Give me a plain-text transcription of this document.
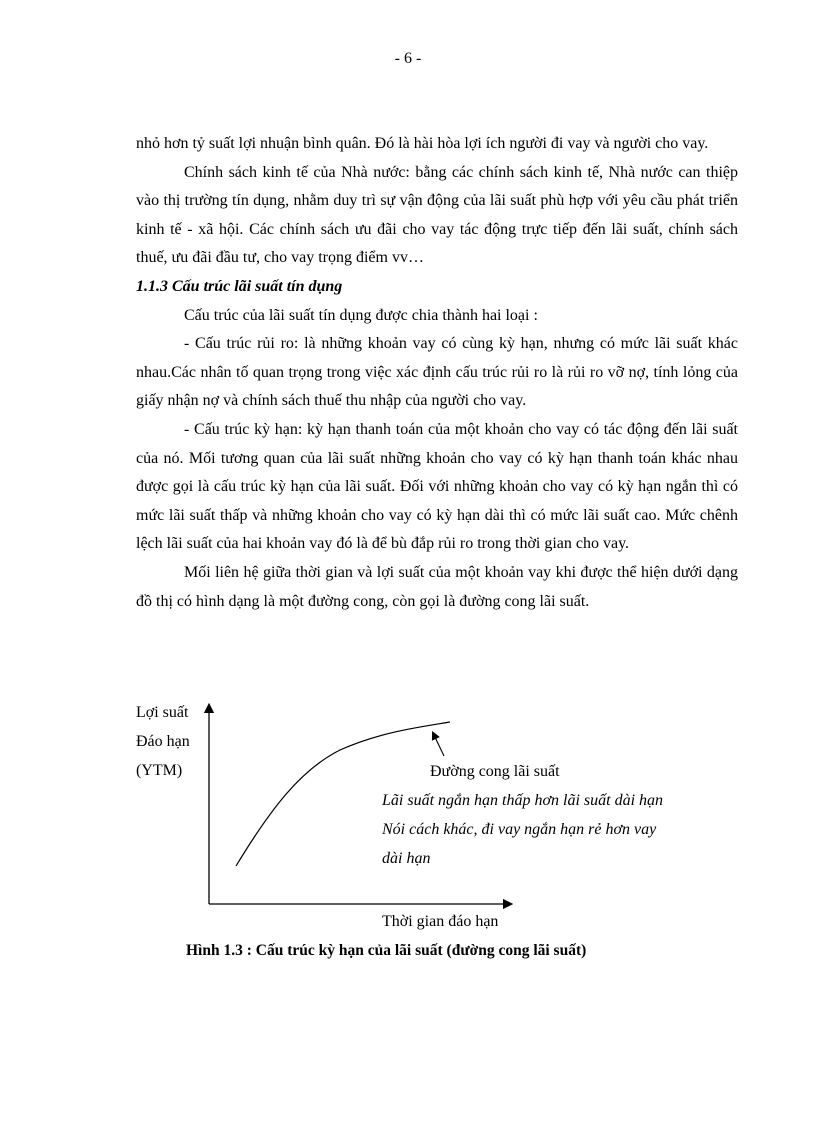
- 6 -

nhỏ hơn tỷ suất lợi nhuận bình quân. Đó là hài hòa lợi ích người đi vay và người cho vay.

Chính sách kinh tế của Nhà nước: bằng các chính sách kinh tế, Nhà nước can thiệp vào thị trường tín dụng, nhằm duy trì sự vận động của lãi suất phù hợp với yêu cầu phát triển kinh tế - xã hội. Các chính sách ưu đãi cho vay tác động trực tiếp đến lãi suất, chính sách thuế, ưu đãi đầu tư, cho vay trọng điểm vv…

1.1.3 Cấu trúc lãi suất tín dụng

Cấu trúc của lãi suất tín dụng được chia thành hai loại :

- Cấu trúc rủi ro: là những khoản vay có cùng kỳ hạn, nhưng có mức lãi suất khác nhau.Các nhân tố quan trọng trong việc xác định cấu trúc rủi ro là rủi ro vỡ nợ, tính lỏng của giấy nhận nợ và chính sách thuế thu nhập của người cho vay.

- Cấu trúc kỳ hạn: kỳ hạn thanh toán của một khoản cho vay có tác động đến lãi suất của nó. Mối tương quan của lãi suất những khoản cho vay có kỳ hạn thanh toán khác nhau được gọi là cấu trúc kỳ hạn của lãi suất. Đối với những khoản cho vay có kỳ hạn ngắn thì có mức lãi suất thấp và những khoản cho vay có kỳ hạn dài thì có mức lãi suất cao. Mức chênh lệch lãi suất của hai khoản vay đó là để bù đắp rủi ro trong thời gian cho vay.

Mối liên hệ giữa thời gian và lợi suất của một khoản vay khi được thể hiện dưới dạng đồ thị có hình dạng là một đường cong, còn gọi là đường cong lãi suất.

Lợi suất
Đáo hạn
(YTM)	Đường cong lãi suất
Lãi suất ngắn hạn thấp hơn lãi suất dài hạn
Nói cách khác, đi vay ngắn hạn rẻ hơn vay
dài hạn
Thời gian đáo hạn
Hình 1.3 : Cấu trúc kỳ hạn của lãi suất (đường cong lãi suất)
